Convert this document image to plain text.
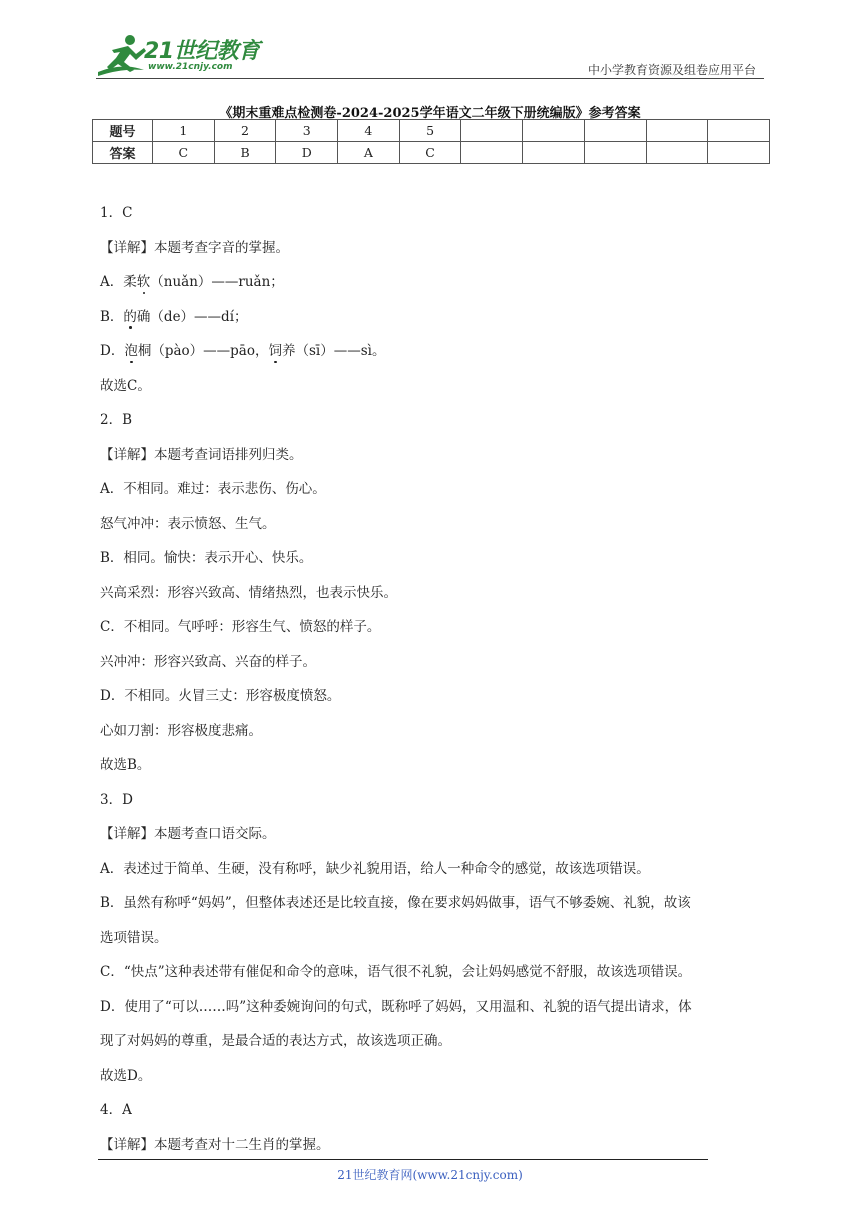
21世纪教育
www.21cnjy.com	中小学教育资源及组卷应用平台
《期末重难点检测卷-2024-2025学年语文二年级下册统编版》参考答案
题号	1	2	3	4	5					
答案	C	B	D	A	C					

1．C

【详解】本题考查字音的掌握。

A．柔软（nuǎn）——ruǎn；

B．的确（de）——dí；

D．泡桐（pào）——pāo，饲养（sī）——sì。

故选C。

2．B

【详解】本题考查词语排列归类。

A．不相同。难过：表示悲伤、伤心。

怒气冲冲：表示愤怒、生气。

B．相同。愉快：表示开心、快乐。

兴高采烈：形容兴致高、情绪热烈，也表示快乐。

C．不相同。气呼呼：形容生气、愤怒的样子。

兴冲冲：形容兴致高、兴奋的样子。

D．不相同。火冒三丈：形容极度愤怒。

心如刀割：形容极度悲痛。

故选B。

3．D

【详解】本题考查口语交际。

A．表述过于简单、生硬，没有称呼，缺少礼貌用语，给人一种命令的感觉，故该选项错误。

B．虽然有称呼“妈妈”，但整体表述还是比较直接，像在要求妈妈做事，语气不够委婉、礼貌，故该

选项错误。

C．“快点”这种表述带有催促和命令的意味，语气很不礼貌，会让妈妈感觉不舒服，故该选项错误。

D．使用了“可以……吗”这种委婉询问的句式，既称呼了妈妈，又用温和、礼貌的语气提出请求，体

现了对妈妈的尊重，是最合适的表达方式，故该选项正确。

故选D。

4．A

【详解】本题考查对十二生肖的掌握。

21世纪教育网(www.21cnjy.com)
